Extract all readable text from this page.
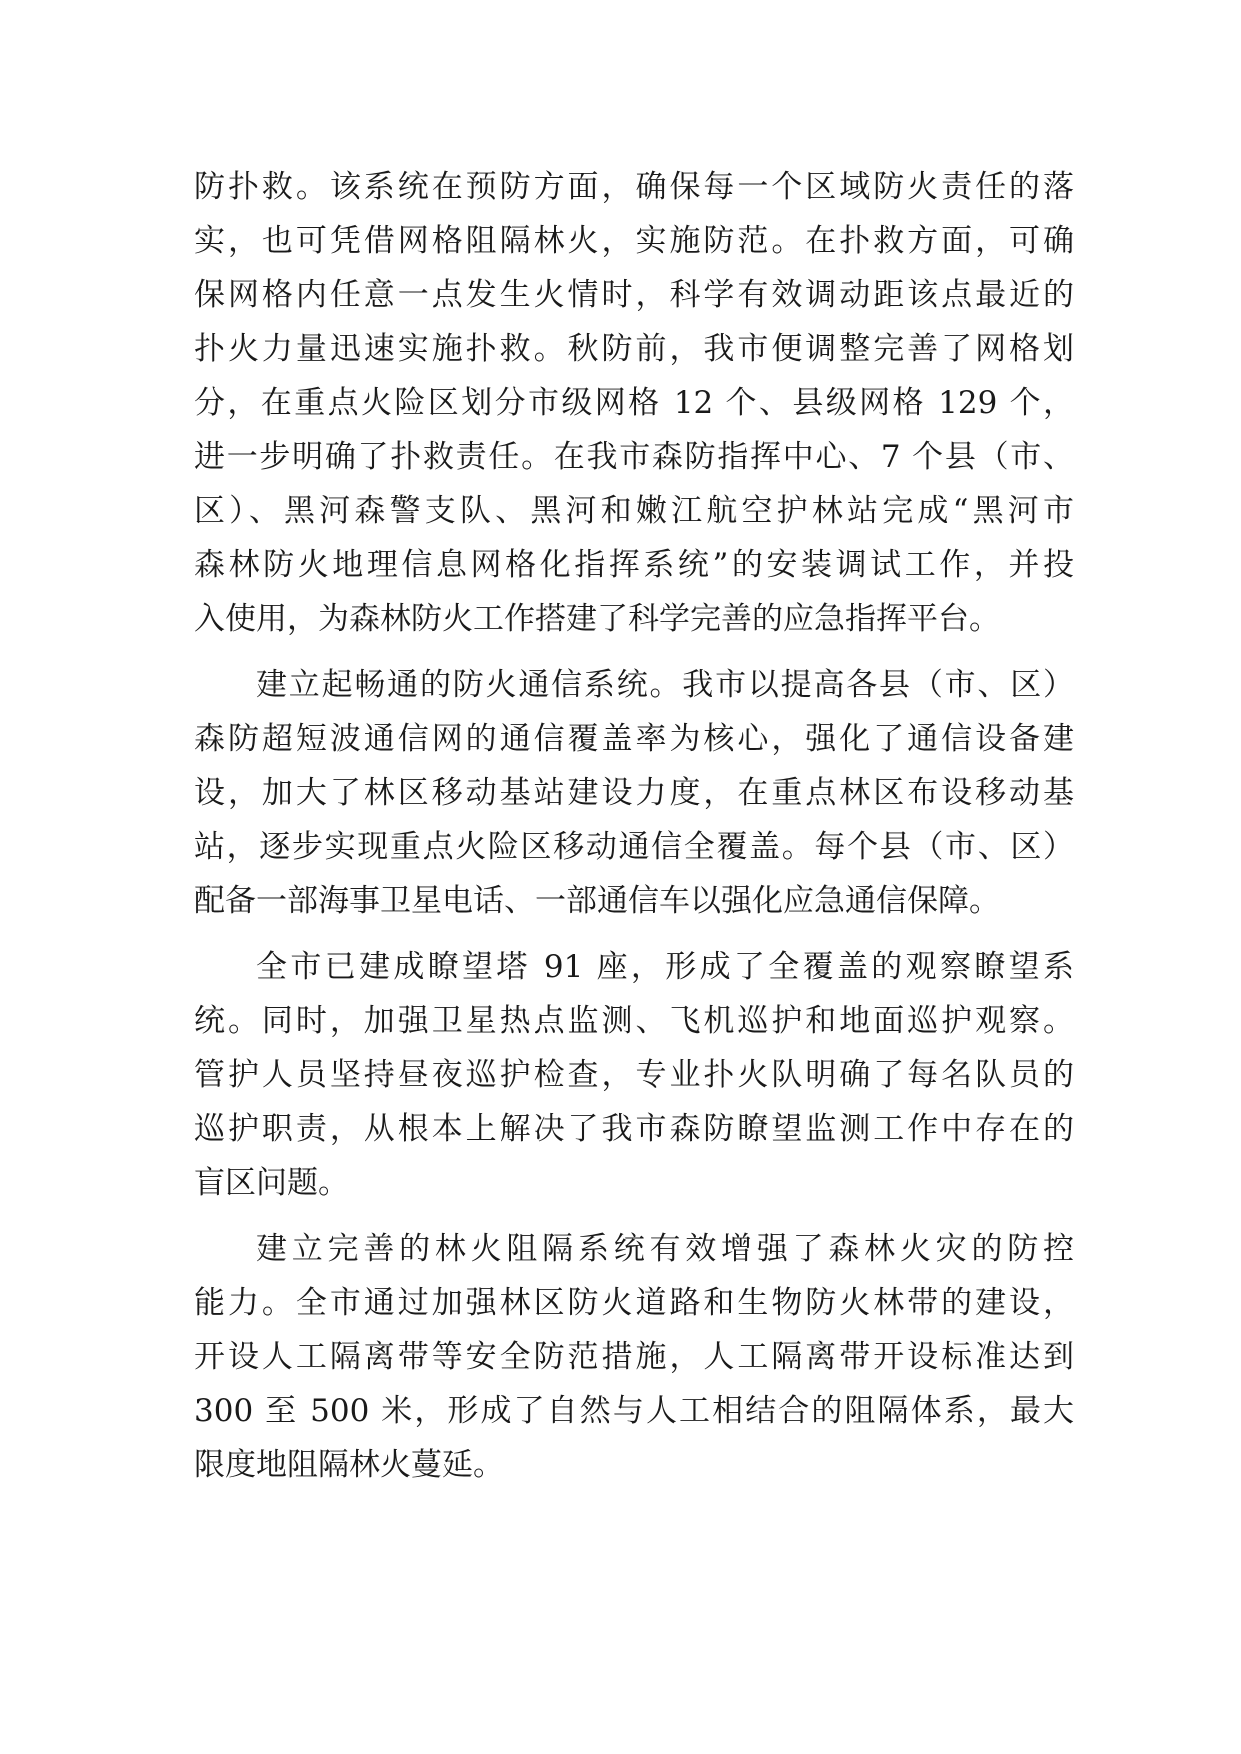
防扑救。该系统在预防方面，确保每一个区域防火责任的落
实，也可凭借网格阻隔林火，实施防范。在扑救方面，可确
保网格内任意一点发生火情时，科学有效调动距该点最近的
扑火力量迅速实施扑救。秋防前，我市便调整完善了网格划
分，在重点火险区划分市级网格 12 个、县级网格 129 个，
进一步明确了扑救责任。在我市森防指挥中心、7 个县（市、
区）、黑河森警支队、黑河和嫩江航空护林站完成“黑河市
森林防火地理信息网格化指挥系统”的安装调试工作，并投
入使用，为森林防火工作搭建了科学完善的应急指挥平台。
建立起畅通的防火通信系统。我市以提高各县（市、区）
森防超短波通信网的通信覆盖率为核心，强化了通信设备建
设，加大了林区移动基站建设力度，在重点林区布设移动基
站，逐步实现重点火险区移动通信全覆盖。每个县（市、区）
配备一部海事卫星电话、一部通信车以强化应急通信保障。
全市已建成瞭望塔 91 座，形成了全覆盖的观察瞭望系
统。同时，加强卫星热点监测、飞机巡护和地面巡护观察。
管护人员坚持昼夜巡护检查，专业扑火队明确了每名队员的
巡护职责，从根本上解决了我市森防瞭望监测工作中存在的
盲区问题。
建立完善的林火阻隔系统有效增强了森林火灾的防控
能力。全市通过加强林区防火道路和生物防火林带的建设，
开设人工隔离带等安全防范措施，人工隔离带开设标准达到
300 至 500 米，形成了自然与人工相结合的阻隔体系，最大
限度地阻隔林火蔓延。
